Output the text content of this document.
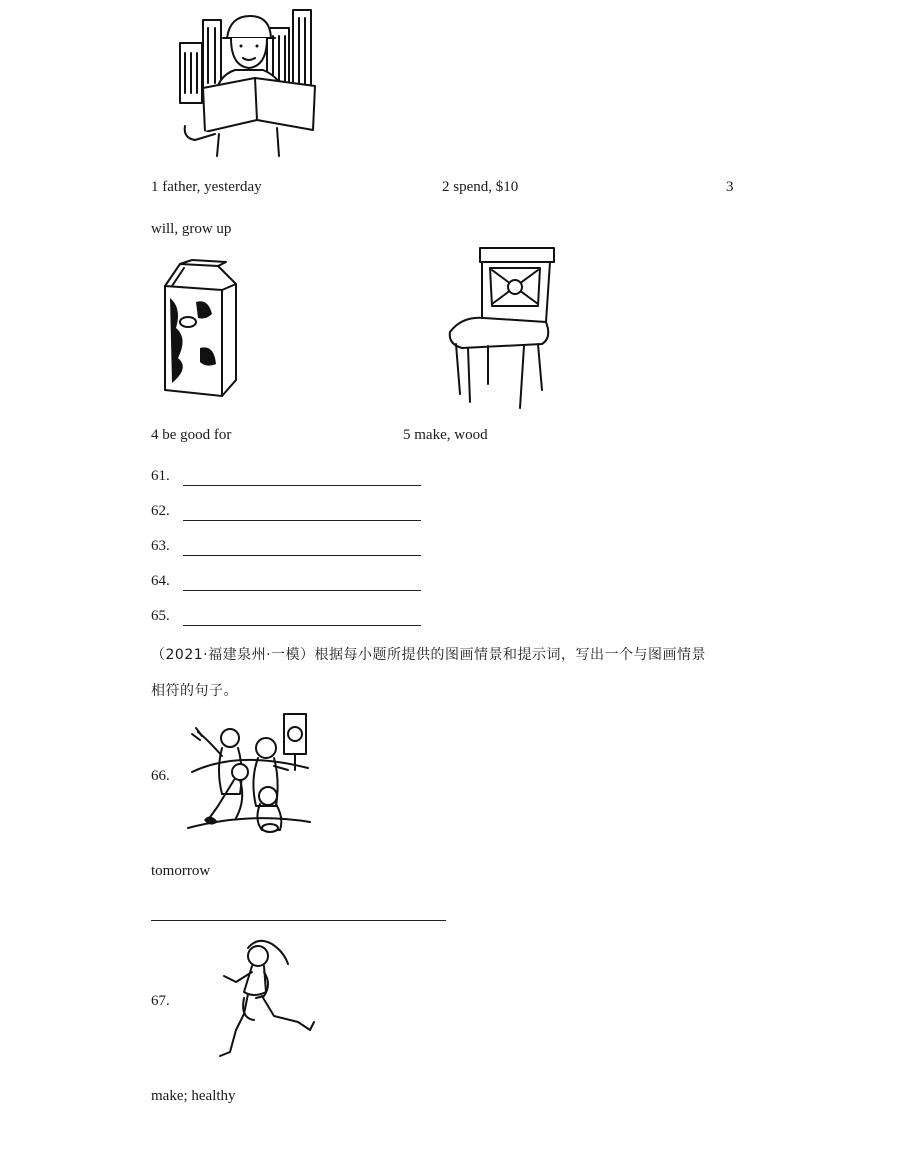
1 father, yesterday	2 spend, $10	3
will, grow up
4 be good for	5 make, wood
61.
62.
63.
64.
65.
（2021·福建泉州·一模）根据每小题所提供的图画情景和提示词，写出一个与图画情景
相符的句子。
66.
tomorrow
67.
make; healthy
